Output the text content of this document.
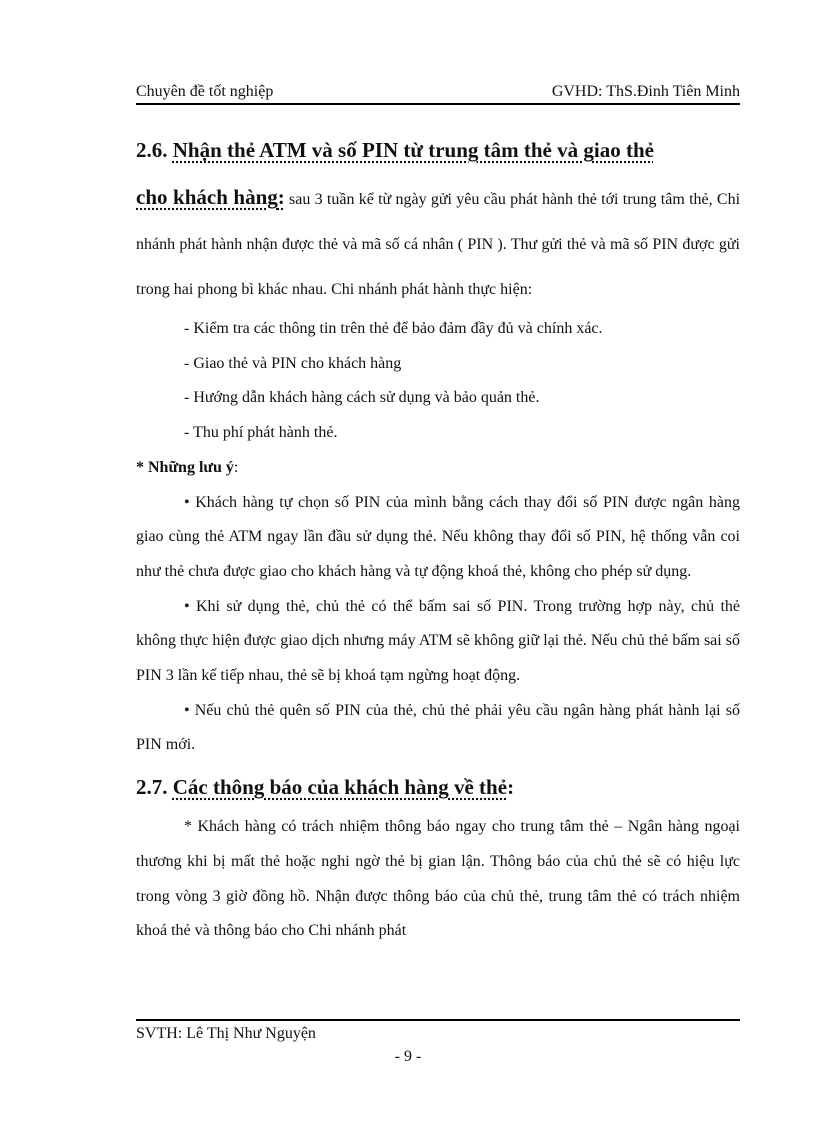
Chuyên đề tốt nghiệp	GVHD: ThS.Đinh Tiên Minh
2.6. Nhận thẻ ATM và số PIN từ trung tâm thẻ và giao thẻ

cho khách hàng: sau 3 tuần kể từ ngày gửi yêu cầu phát hành thẻ tới trung tâm thẻ, Chi nhánh phát hành nhận được thẻ và mã số cá nhân ( PIN ). Thư gửi thẻ và mã số PIN được gửi trong hai phong bì khác nhau. Chi nhánh phát hành thực hiện:

- Kiểm tra các thông tin trên thẻ để bảo đảm đầy đủ và chính xác.

- Giao thẻ và PIN cho khách hàng

- Hướng dẫn khách hàng cách sử dụng và bảo quản thẻ.

- Thu phí phát hành thẻ.

* Những lưu ý:

• Khách hàng tự chọn số PIN của mình bằng cách thay đổi số PIN được ngân hàng giao cùng thẻ ATM ngay lần đầu sử dụng thẻ. Nếu không thay đổi số PIN, hệ thống vẫn coi như thẻ chưa được giao cho khách hàng và tự động khoá thẻ, không cho phép sử dụng.

• Khi sử dụng thẻ, chủ thẻ có thể bấm sai số PIN. Trong trường hợp này, chủ thẻ không thực hiện được giao dịch nhưng máy ATM sẽ không giữ lại thẻ. Nếu chủ thẻ bấm sai số PIN 3 lần kế tiếp nhau, thẻ sẽ bị khoá tạm ngừng hoạt động.

• Nếu chủ thẻ quên số PIN của thẻ, chủ thẻ phải yêu cầu ngân hàng phát hành lại số PIN mới.

2.7. Các thông báo của khách hàng về thẻ:

* Khách hàng có trách nhiệm thông báo ngay cho trung tâm thẻ – Ngân hàng ngoại thương khi bị mất thẻ hoặc nghi ngờ thẻ bị gian lận. Thông báo của chủ thẻ sẽ có hiệu lực trong vòng 3 giờ đồng hồ. Nhận được thông báo của chủ thẻ, trung tâm thẻ có trách nhiệm khoá thẻ và thông báo cho Chi nhánh phát

SVTH: Lê Thị Như Nguyện
- 9 -
